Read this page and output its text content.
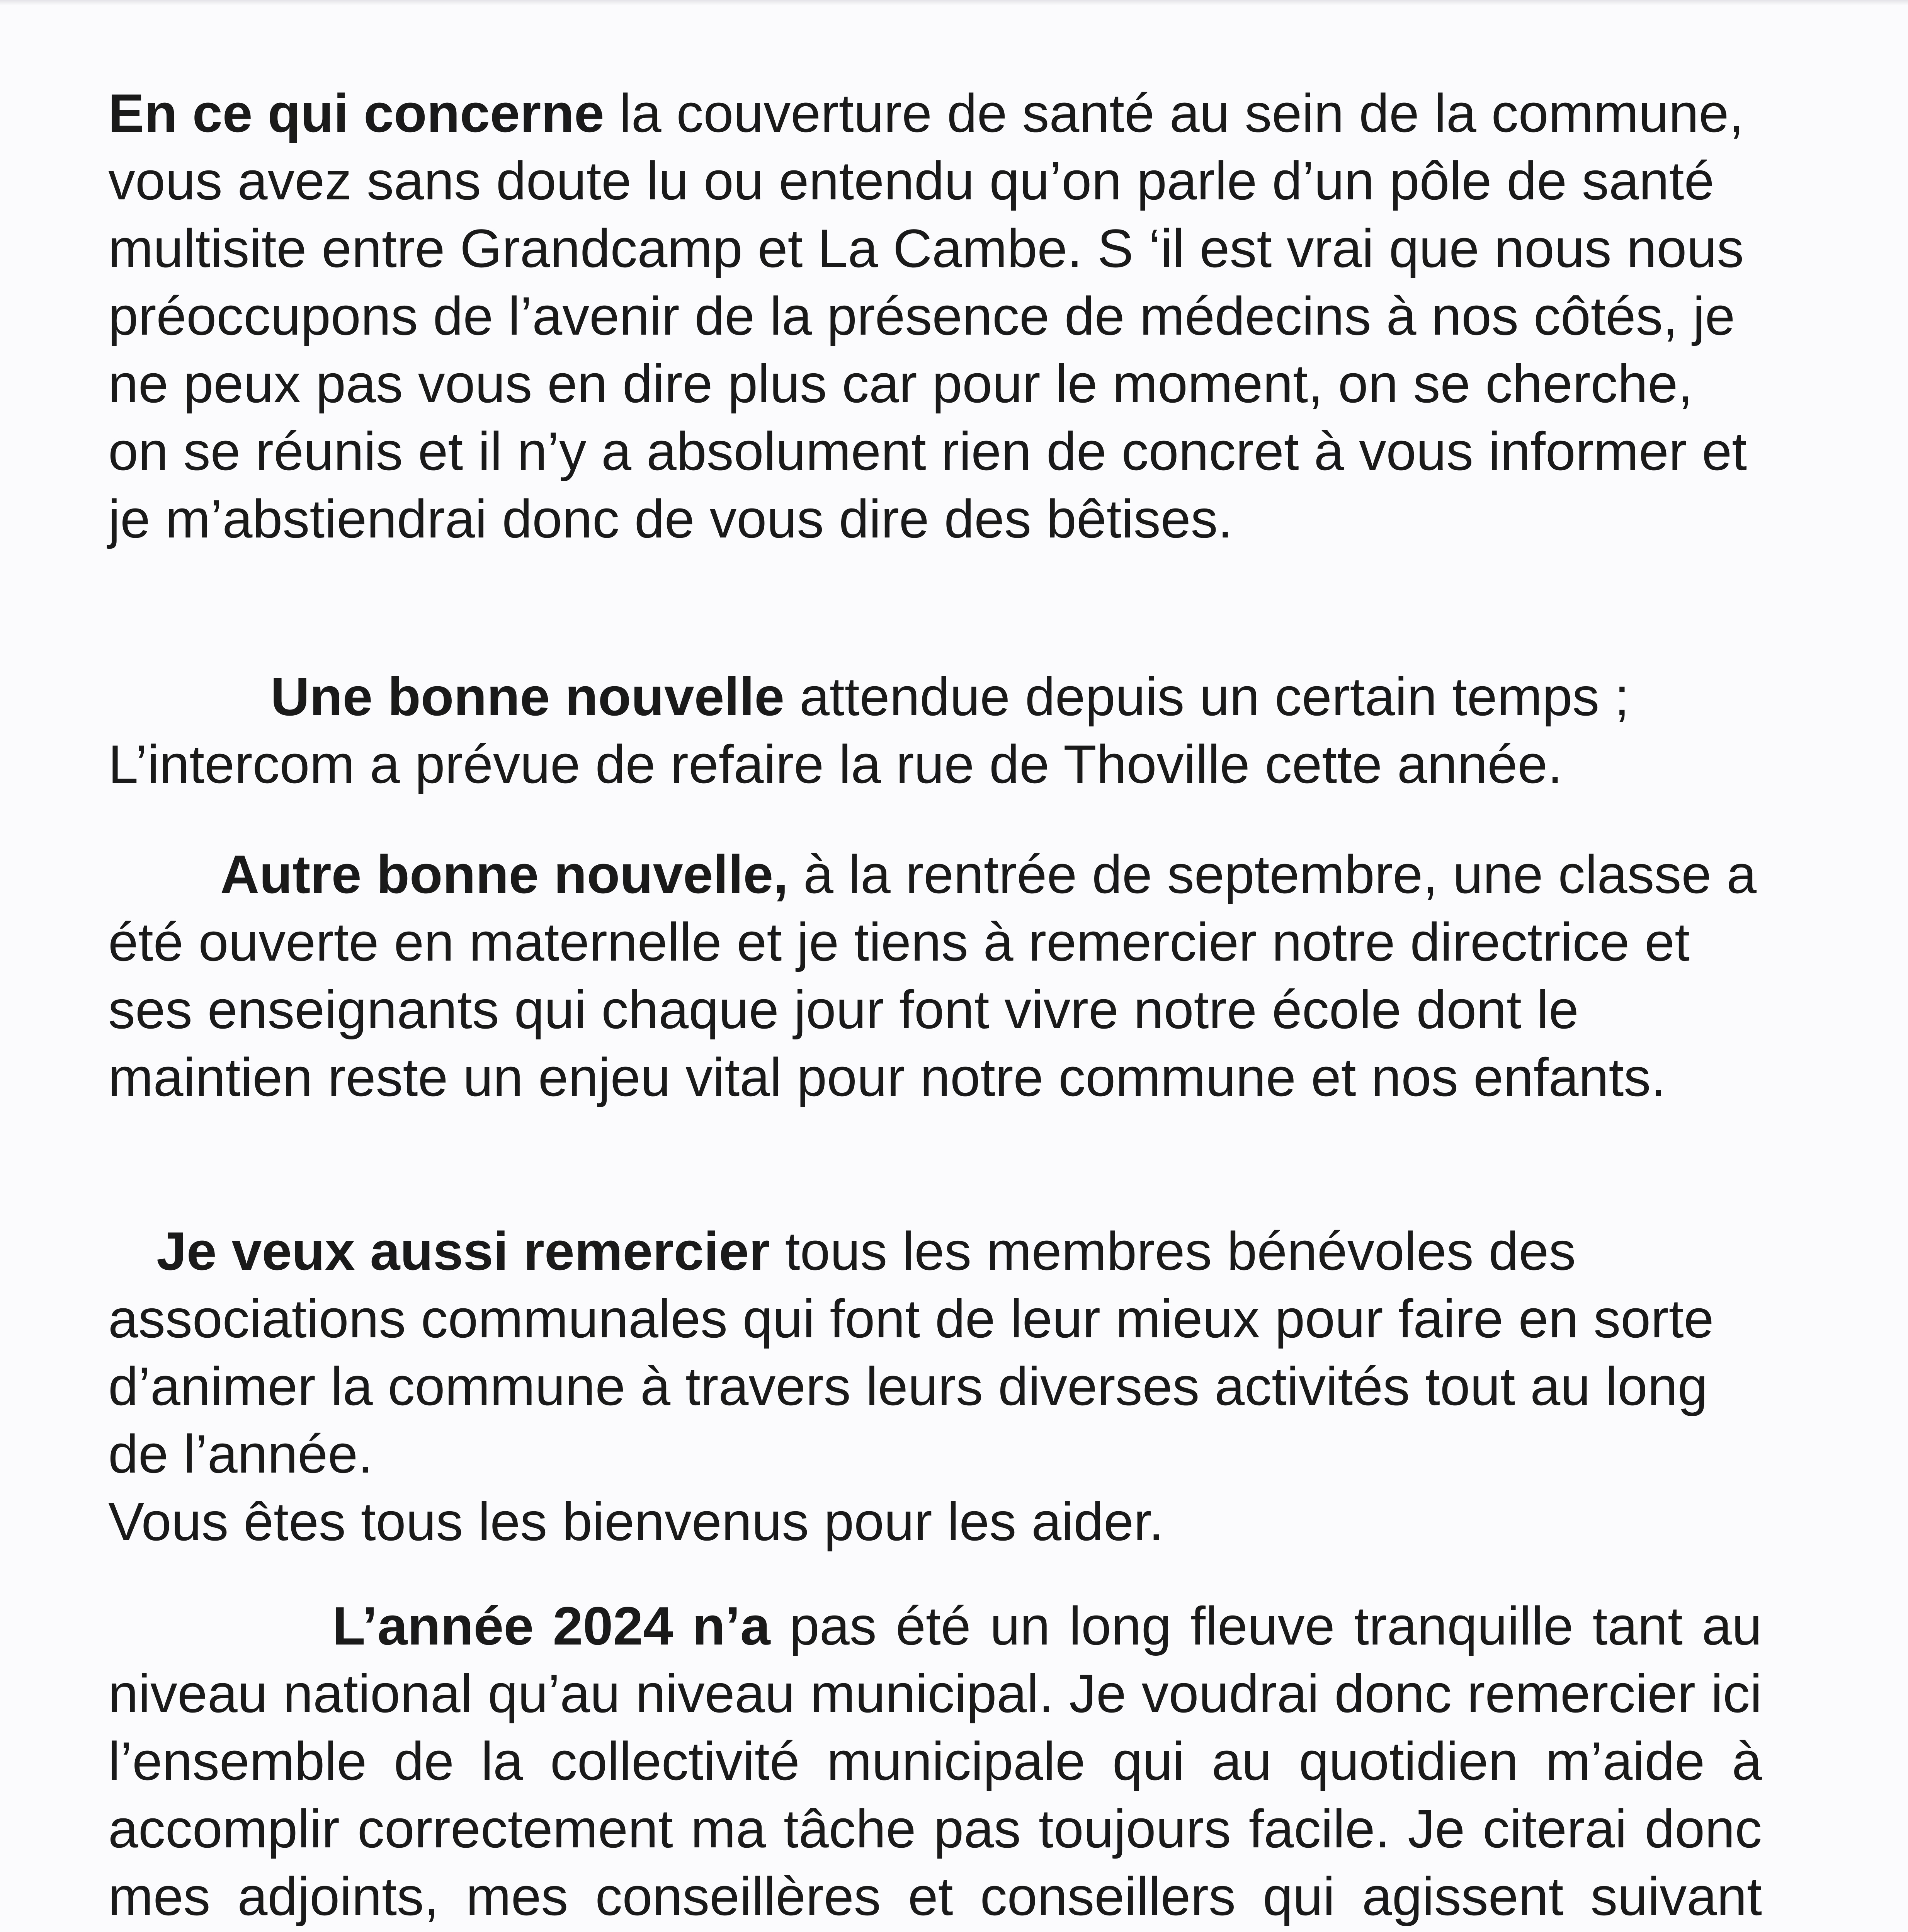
En ce qui concerne la couverture de santé au sein de la commune, vous avez sans doute lu ou entendu qu’on parle d’un pôle de santé multisite entre Grandcamp et La Cambe. S ‘il est vrai que nous nous préoccupons de l’avenir de la présence de médecins à nos côtés, je ne peux pas vous en dire plus car pour le moment, on se cherche, on se réunis et il n’y a absolument rien de concret à vous informer et je m’abstiendrai donc de vous dire des bêtises.

Une bonne nouvelle attendue depuis un certain temps ; L’intercom a prévue de refaire la rue de Thoville cette année.

Autre bonne nouvelle, à la rentrée de septembre, une classe a été ouverte en maternelle et je tiens à remercier notre directrice et ses enseignants qui chaque jour font vivre notre école dont le maintien reste un enjeu vital pour notre commune et nos enfants.

Je veux aussi remercier tous les membres bénévoles des associations communales qui font de leur mieux pour faire en sorte d’animer la commune à travers leurs diverses activités tout au long de l’année.

Vous êtes tous les bienvenus pour les aider.

L’année 2024 n’a pas été un long fleuve tranquille tant au niveau national qu’au niveau municipal. Je voudrai donc remercier ici l’ensemble de la collectivité municipale qui au quotidien m’aide à accomplir correctement ma tâche pas toujours facile. Je citerai donc mes adjoints, mes conseillères et conseillers qui agissent suivant
